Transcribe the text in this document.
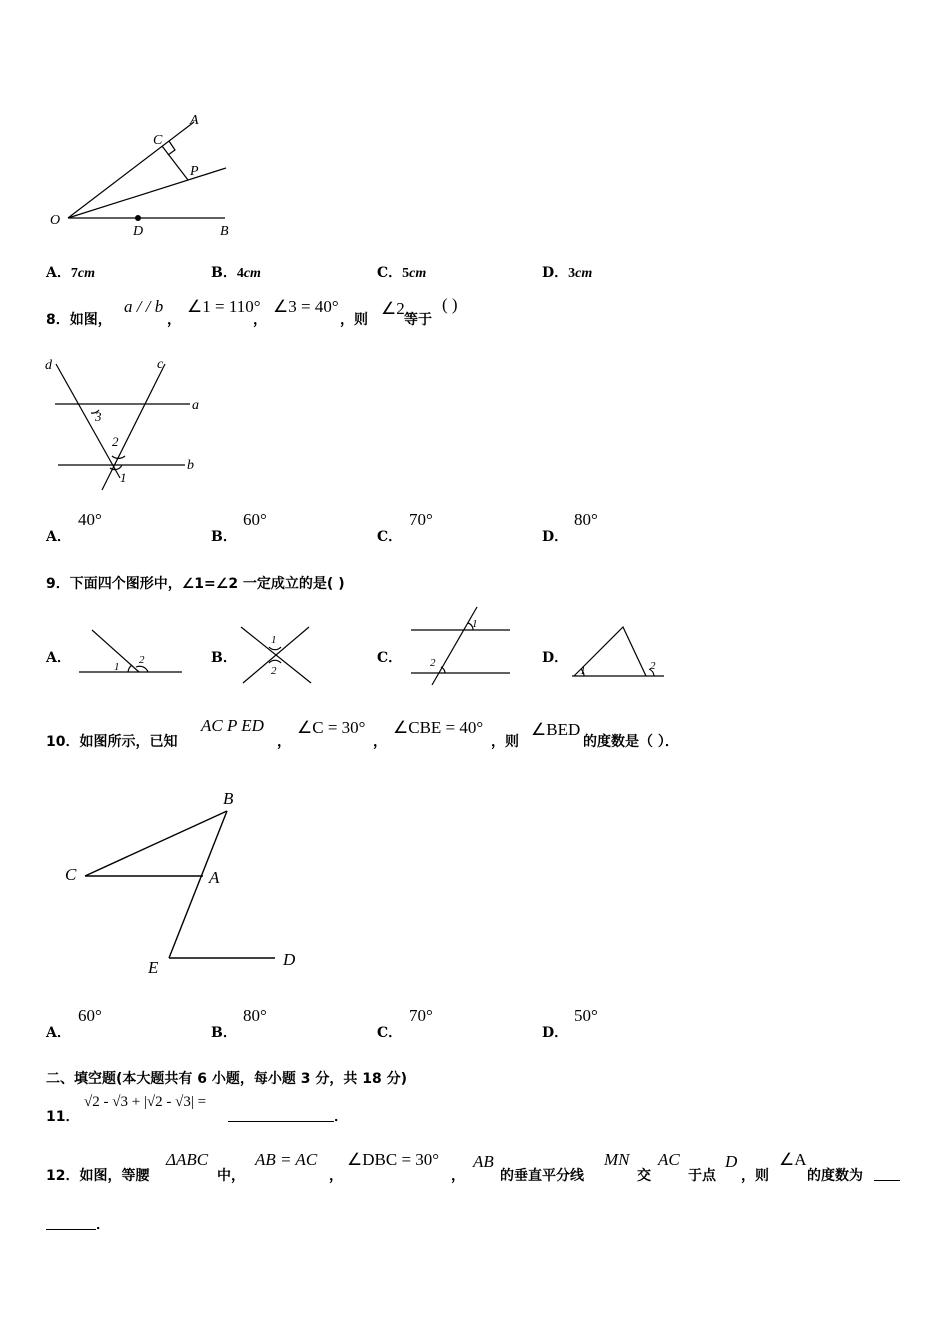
A
C
P
O
D	B
A．7cm	B．4cm	C．5cm	D．3cm
8．如图，
a / / b
，
∠1 = 110°
，
∠3 = 40°
，则
∠2
等于
( )
d	c
a
b
3
2
1
A．
40°
B．
60°
C．
70°
D．
80°
9．下面四个图形中，∠1=∠2 一定成立的是( )
A．
1
2	B．
1
2
C．
1
2	D．
1	2
10．如图所示，已知
AC P ED
，
∠C = 30°
，
∠CBE = 40°
，则
∠BED
的度数是（ ）．
B
C	A
E	D
A．
60°
B．
80°
C．
70°
D．
50°
二、填空题(本大题共有 6 小题，每小题 3 分，共 18 分)
11．
√2 - √3 + |√2 - √3| =
．
12．如图，等腰
ΔABC
中，
AB = AC
，
∠DBC = 30°
，
AB
的垂直平分线
MN
交
AC
于点
D
，则
∠A
的度数为
．
